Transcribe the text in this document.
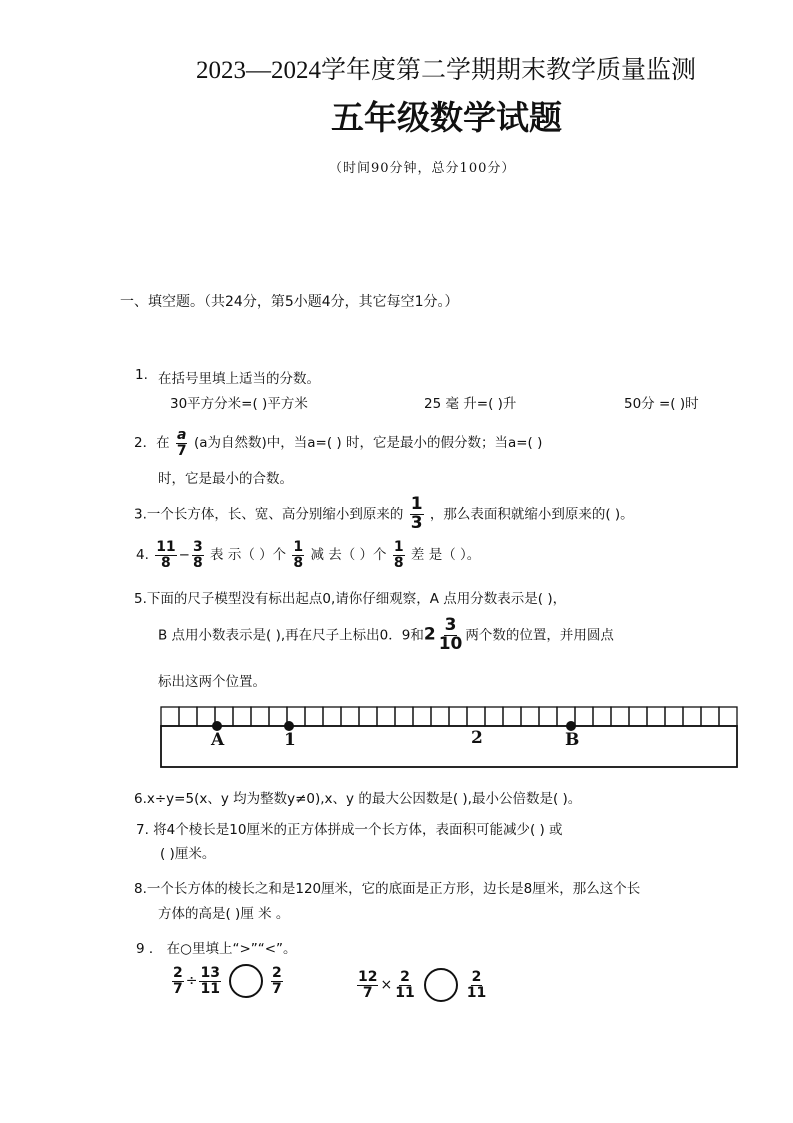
2023—2024学年度第二学期期末教学质量监测
五年级数学试题
（时间90分钟，总分100分）
一、填空题。（共24分，第5小题4分，其它每空1分。）
1. 在括号里填上适当的分数。
30平方分米=( )平方米	25 毫 升=( )升	50分 =( )时
2．在 $\frac{a}{7} (a$为自然数)中，当a=( ) 时，它是最小的假分数；当a=( )
时，它是最小的合数。
3.一个长方体，长、宽、高分别缩小到原来的 $\frac{1}{3}$ ，那么表面积就缩小到原来的( )。
4. $\frac{11}{8} - \frac{3}{8}$ 表 示（ ）个 $\frac{1}{8}$ 减 去（ ）个 $\frac{1}{8}$ 差 是（ ）。
5.下面的尺子模型没有标出起点0,请你仔细观察，A 点用分数表示是( )，
B 点用小数表示是( ),再在尺子上标出0．9和$2 \frac{3}{10}$ 两个数的位置，并用圆点
标出这两个位置。
A	1	2	B
6.x÷y=5(x、y 均为整数y≠0),x、y 的最大公因数是( ),最小公倍数是( )。
7. 将4个棱长是10厘米的正方体拼成一个长方体，表面积可能减少( ) 或
( )厘米。
8.一个长方体的棱长之和是120厘米，它的底面是正方形，边长是8厘米，那么这个长
方体的高是( )厘 米 。
9 ． 在○里填上“>”“<”。
$\frac{2}{7} \div \frac{13}{11}$	$\frac{2}{7}$	$\frac{12}{7} \times \frac{2}{11}$	$\frac{2}{11}$
